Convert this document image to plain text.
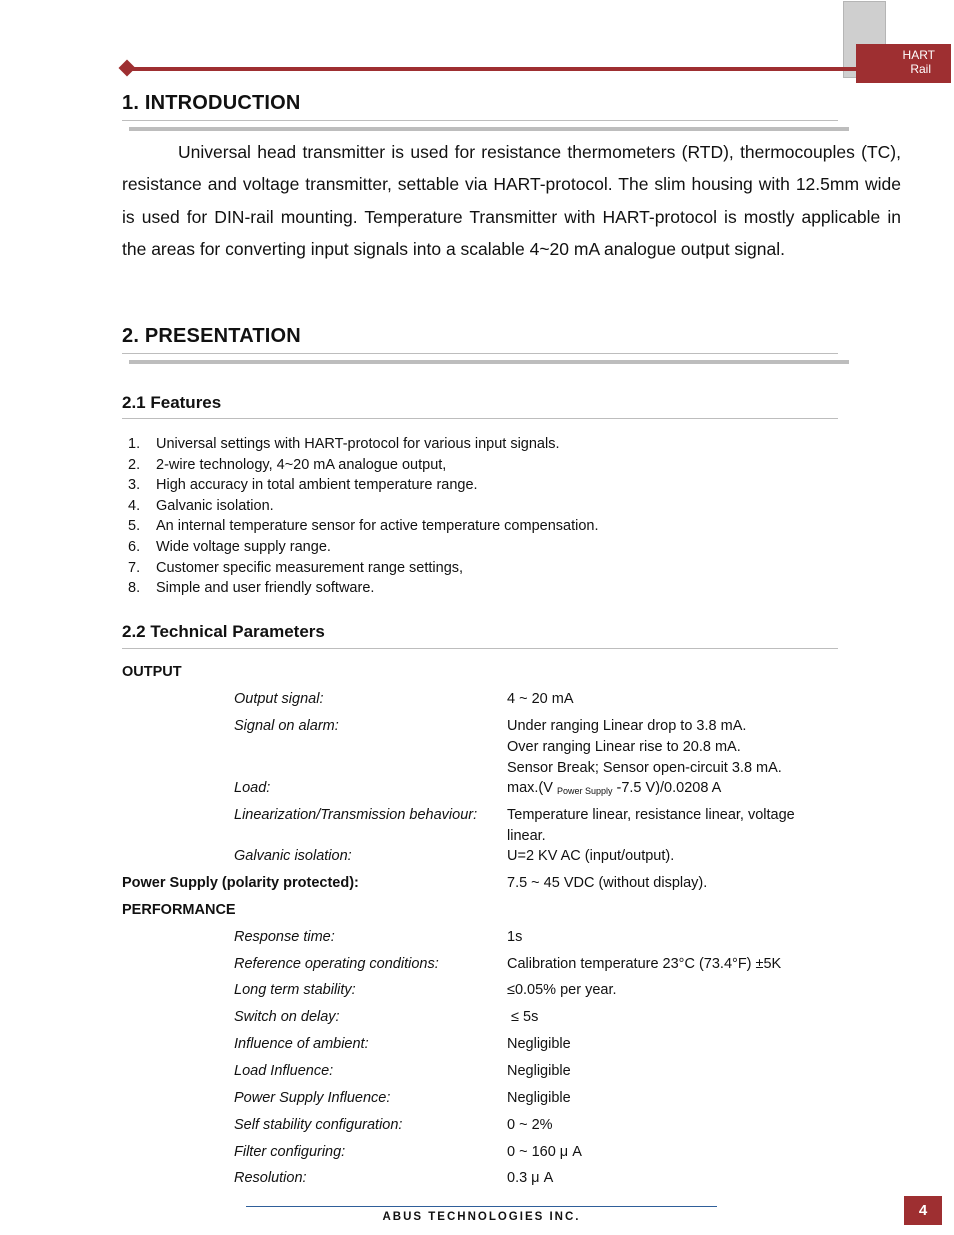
HART
Rail
1. INTRODUCTION

Universal head transmitter is used for resistance thermometers (RTD), thermocouples (TC), resistance and voltage transmitter, settable via HART-protocol. The slim housing with 12.5mm wide is used for DIN-rail mounting. Temperature Transmitter with HART-protocol is mostly applicable in the areas for converting input signals into a scalable 4~20 mA analogue output signal.

2. PRESENTATION
2.1 Features
1. Universal settings with HART-protocol for various input signals.
2. 2-wire technology, 4~20 mA analogue output,
3. High accuracy in total ambient temperature range.
4. Galvanic isolation.
5. An internal temperature sensor for active temperature compensation.
6. Wide voltage supply range.
7. Customer specific measurement range settings,
8. Simple and user friendly software.
2.2 Technical Parameters
OUTPUT
Output signal:	4 ~ 20 mA
Signal on alarm:	Under ranging Linear drop to 3.8 mA.
Over ranging Linear rise to 20.8 mA.
Sensor Break; Sensor open-circuit 3.8 mA.
Load:	max.(V $_{Power Supply}$ -7.5 V)/0.0208 A
Linearization/Transmission behaviour: Temperature linear, resistance linear, voltage
linear.
Galvanic isolation:	U=2 KV AC (input/output).
Power Supply (polarity protected):	7.5 ~ 45 VDC (without display).
PERFORMANCE
Response time:	1s
Reference operating conditions:	Calibration temperature 23°C (73.4°F) ±5K
Long term stability:	≤0.05% per year.
Switch on delay:	≤ 5s
Influence of ambient:	Negligible
Load Influence:	Negligible
Power Supply Influence:	Negligible
Self stability configuration:	0 ~ 2%
Filter configuring:	0 ~ 160 μ A
Resolution:	0.3 μ A
ABUS TECHNOLOGIES INC.	4
